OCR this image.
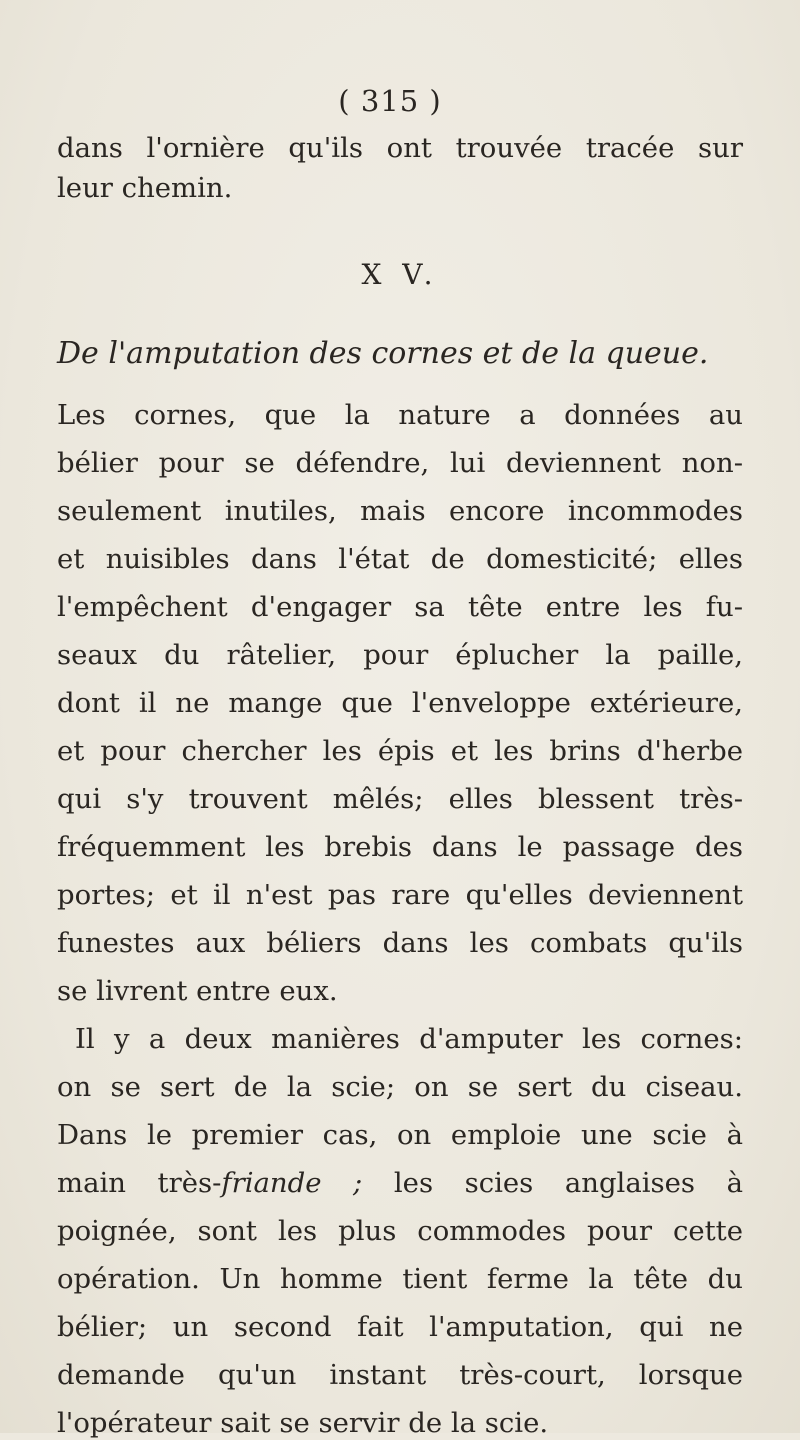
( 315 )
dans l'ornière qu'ils ont trouvée tracée sur
leur chemin.
X V.
De l'amputation des cornes et de la queue.
Les cornes, que la nature a données au
bélier pour se défendre, lui deviennent non-
seulement inutiles, mais encore incommodes
et nuisibles dans l'état de domesticité; elles
l'empêchent d'engager sa tête entre les fu-
seaux du râtelier, pour éplucher la paille,
dont il ne mange que l'enveloppe extérieure,
et pour chercher les épis et les brins d'herbe
qui s'y trouvent mêlés; elles blessent très-
fréquemment les brebis dans le passage des
portes; et il n'est pas rare qu'elles deviennent
funestes aux béliers dans les combats qu'ils
se livrent entre eux.
Il y a deux manières d'amputer les cornes:
on se sert de la scie; on se sert du ciseau.
Dans le premier cas, on emploie une scie à
main très-friande ; les scies anglaises à
poignée, sont les plus commodes pour cette
opération. Un homme tient ferme la tête du
bélier; un second fait l'amputation, qui ne
demande qu'un instant très-court, lorsque
l'opérateur sait se servir de la scie.
